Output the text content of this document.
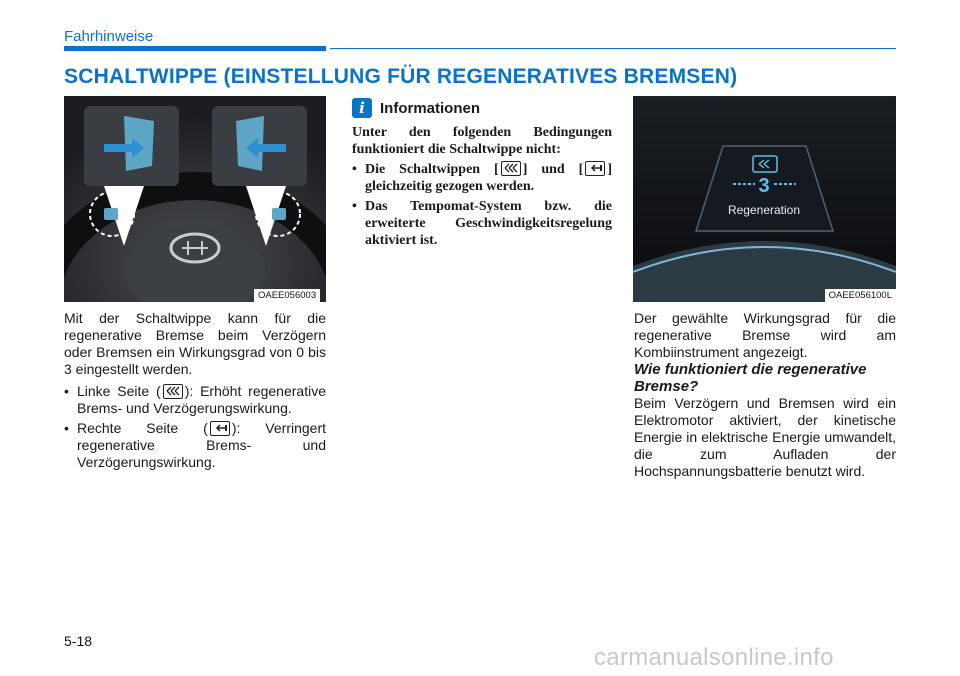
Fahrhinweise
SCHALTWIPPE (EINSTELLUNG FÜR REGENERATIVES BREMSEN)
OAEE056003
3
Regeneration
OAEE056100L

Mit der Schaltwippe kann für die regenerative Bremse beim Verzögern oder Bremsen ein Wirkungsgrad von 0 bis 3 eingestellt werden.

• Linke Seite ( ): Erhöht regenerative Brems- und Verzögerungswirkung.
• Rechte Seite ( ): Verringert regenerative Brems- und Verzögerungswirkung.
i	Informationen

Unter den folgenden Bedingungen funktioniert die Schaltwippe nicht:

• Die Schaltwippen [ ] und [ ] gleichzeitig gezogen werden.
• Das Tempomat-System bzw. die erweiterte Geschwindigkeitsregelung aktiviert ist.

Der gewählte Wirkungsgrad für die regenerative Bremse wird am Kombiinstrument angezeigt.

Wie funktioniert die regenerative Bremse?

Beim Verzögern und Bremsen wird ein Elektromotor aktiviert, der kinetische Energie in elektrische Energie umwandelt, die zum Aufladen der Hochspannungsbatterie benutzt wird.

5-18
carmanualsonline.info
